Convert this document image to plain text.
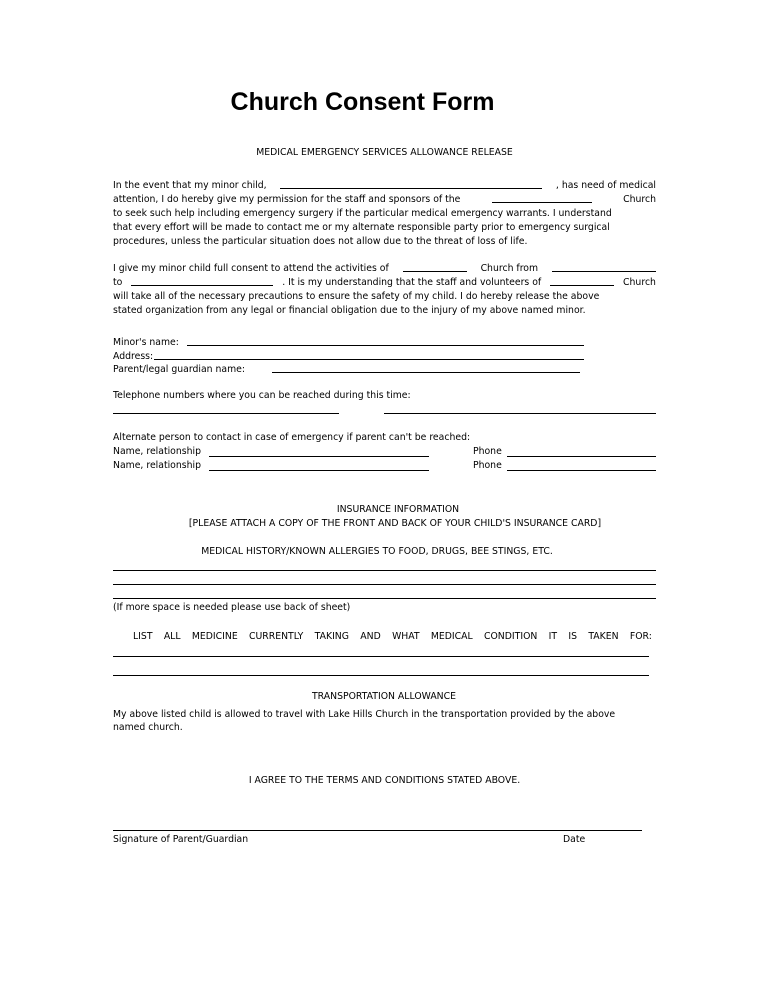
Church Consent Form
MEDICAL EMERGENCY SERVICES ALLOWANCE RELEASE
In the event that my minor child,	, has need of medical
attention, I do hereby give my permission for the staff and sponsors of the	Church
to seek such help including emergency surgery if the particular medical emergency warrants. I understand
that every effort will be made to contact me or my alternate responsible party prior to emergency surgical
procedures, unless the particular situation does not allow due to the threat of loss of life.
I give my minor child full consent to attend the activities of	Church from
to	. It is my understanding that the staff and volunteers of	Church
will take all of the necessary precautions to ensure the safety of my child. I do hereby release the above
stated organization from any legal or financial obligation due to the injury of my above named minor.
Minor's name:
Address:
Parent/legal guardian name:
Telephone numbers where you can be reached during this time:
Alternate person to contact in case of emergency if parent can't be reached:
Name, relationship	Phone
Name, relationship	Phone
INSURANCE INFORMATION
[PLEASE ATTACH A COPY OF THE FRONT AND BACK OF YOUR CHILD'S INSURANCE CARD]
MEDICAL HISTORY/KNOWN ALLERGIES TO FOOD, DRUGS, BEE STINGS, ETC.
(If more space is needed please use back of sheet)
LIST ALL MEDICINE CURRENTLY TAKING AND WHAT MEDICAL CONDITION IT IS TAKEN FOR:
TRANSPORTATION ALLOWANCE
My above listed child is allowed to travel with Lake Hills Church in the transportation provided by the above
named church.
I AGREE TO THE TERMS AND CONDITIONS STATED ABOVE.
Signature of Parent/Guardian	Date
